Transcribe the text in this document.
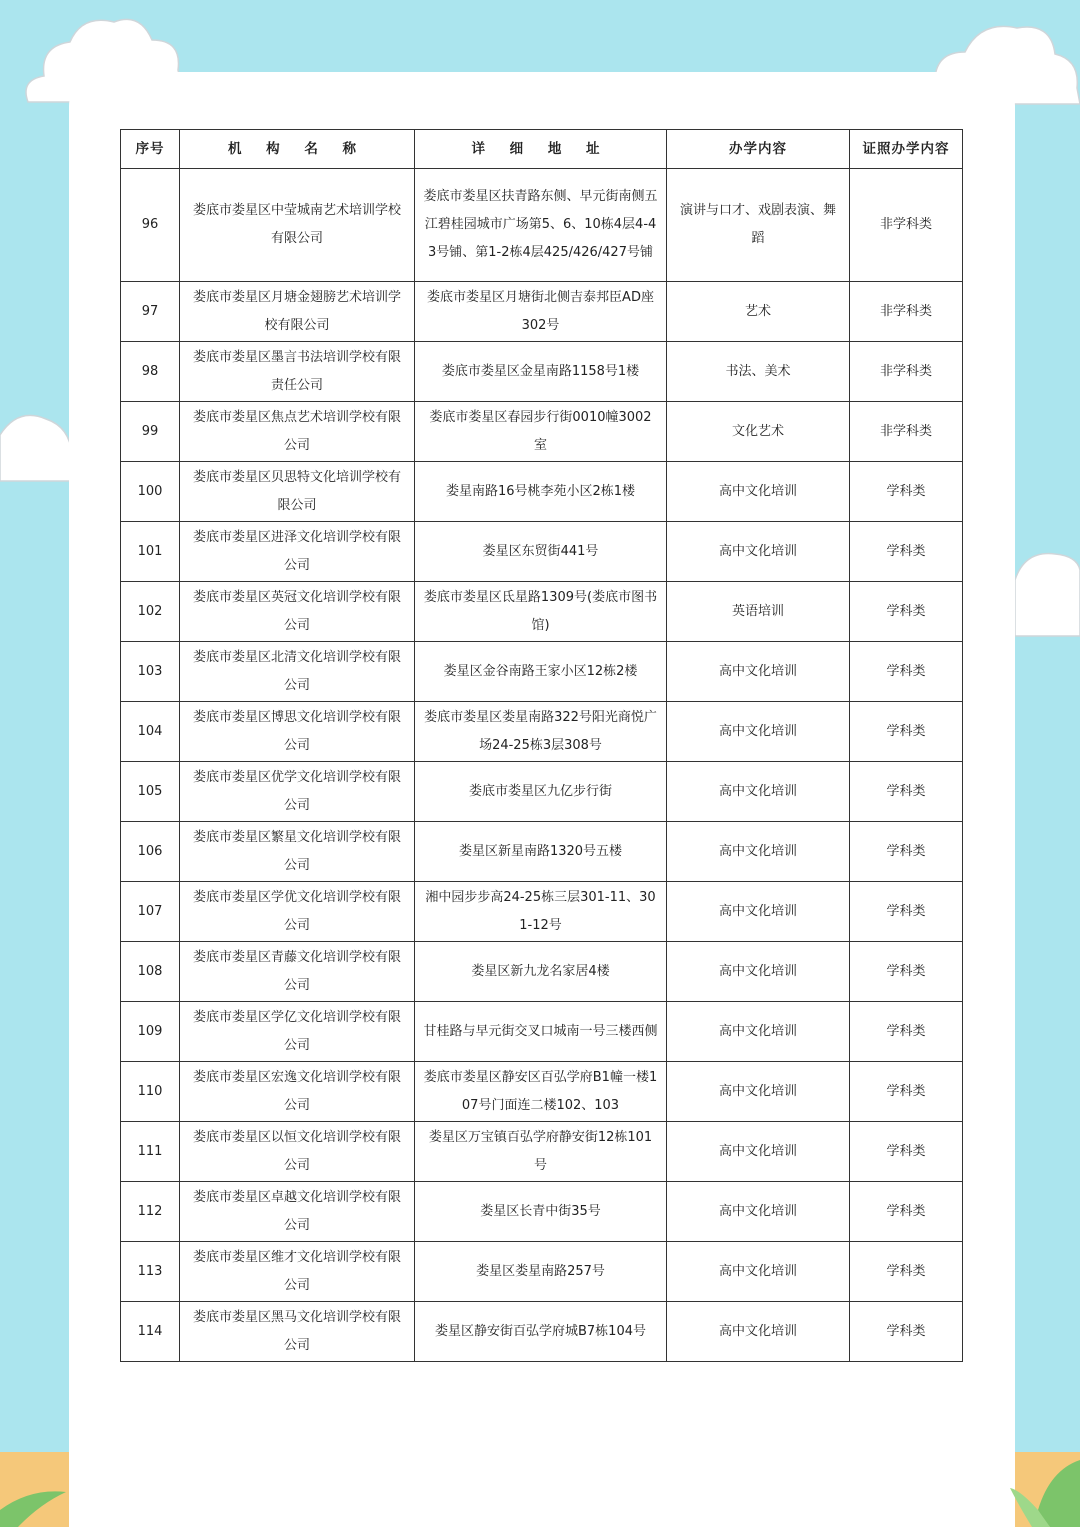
序号	机 构 名 称	详 细 地 址	办学内容	证照办学内容
96	娄底市娄星区中莹城南艺术培训学校有限公司	娄底市娄星区扶青路东侧、早元街南侧五江碧桂园城市广场第5、6、10栋4层4-43号铺、第1-2栋4层425/426/427号铺	演讲与口才、戏剧表演、舞蹈	非学科类
97	娄底市娄星区月塘金翅膀艺术培训学校有限公司	娄底市娄星区月塘街北侧吉泰邦臣AD座302号	艺术	非学科类
98	娄底市娄星区墨言书法培训学校有限责任公司	娄底市娄星区金星南路1158号1楼	书法、美术	非学科类
99	娄底市娄星区焦点艺术培训学校有限公司	娄底市娄星区春园步行街0010幢3002室	文化艺术	非学科类
100	娄底市娄星区贝思特文化培训学校有限公司	娄星南路16号桃李苑小区2栋1楼	高中文化培训	学科类
101	娄底市娄星区进泽文化培训学校有限公司	娄星区东贸街441号	高中文化培训	学科类
102	娄底市娄星区英冠文化培训学校有限公司	娄底市娄星区氐星路1309号(娄底市图书馆)	英语培训	学科类
103	娄底市娄星区北清文化培训学校有限公司	娄星区金谷南路王家小区12栋2楼	高中文化培训	学科类
104	娄底市娄星区博思文化培训学校有限公司	娄底市娄星区娄星南路322号阳光商悦广场24-25栋3层308号	高中文化培训	学科类
105	娄底市娄星区优学文化培训学校有限公司	娄底市娄星区九亿步行街	高中文化培训	学科类
106	娄底市娄星区繁星文化培训学校有限公司	娄星区新星南路1320号五楼	高中文化培训	学科类
107	娄底市娄星区学优文化培训学校有限公司	湘中园步步高24-25栋三层301-11、301-12号	高中文化培训	学科类
108	娄底市娄星区青藤文化培训学校有限公司	娄星区新九龙名家居4楼	高中文化培训	学科类
109	娄底市娄星区学亿文化培训学校有限公司	甘桂路与早元街交叉口城南一号三楼西侧	高中文化培训	学科类
110	娄底市娄星区宏逸文化培训学校有限公司	娄底市娄星区静安区百弘学府B1幢一楼107号门面连二楼102、103	高中文化培训	学科类
111	娄底市娄星区以恒文化培训学校有限公司	娄星区万宝镇百弘学府静安街12栋101号	高中文化培训	学科类
112	娄底市娄星区卓越文化培训学校有限公司	娄星区长青中街35号	高中文化培训	学科类
113	娄底市娄星区维才文化培训学校有限公司	娄星区娄星南路257号	高中文化培训	学科类
114	娄底市娄星区黑马文化培训学校有限公司	娄星区静安街百弘学府城B7栋104号	高中文化培训	学科类
